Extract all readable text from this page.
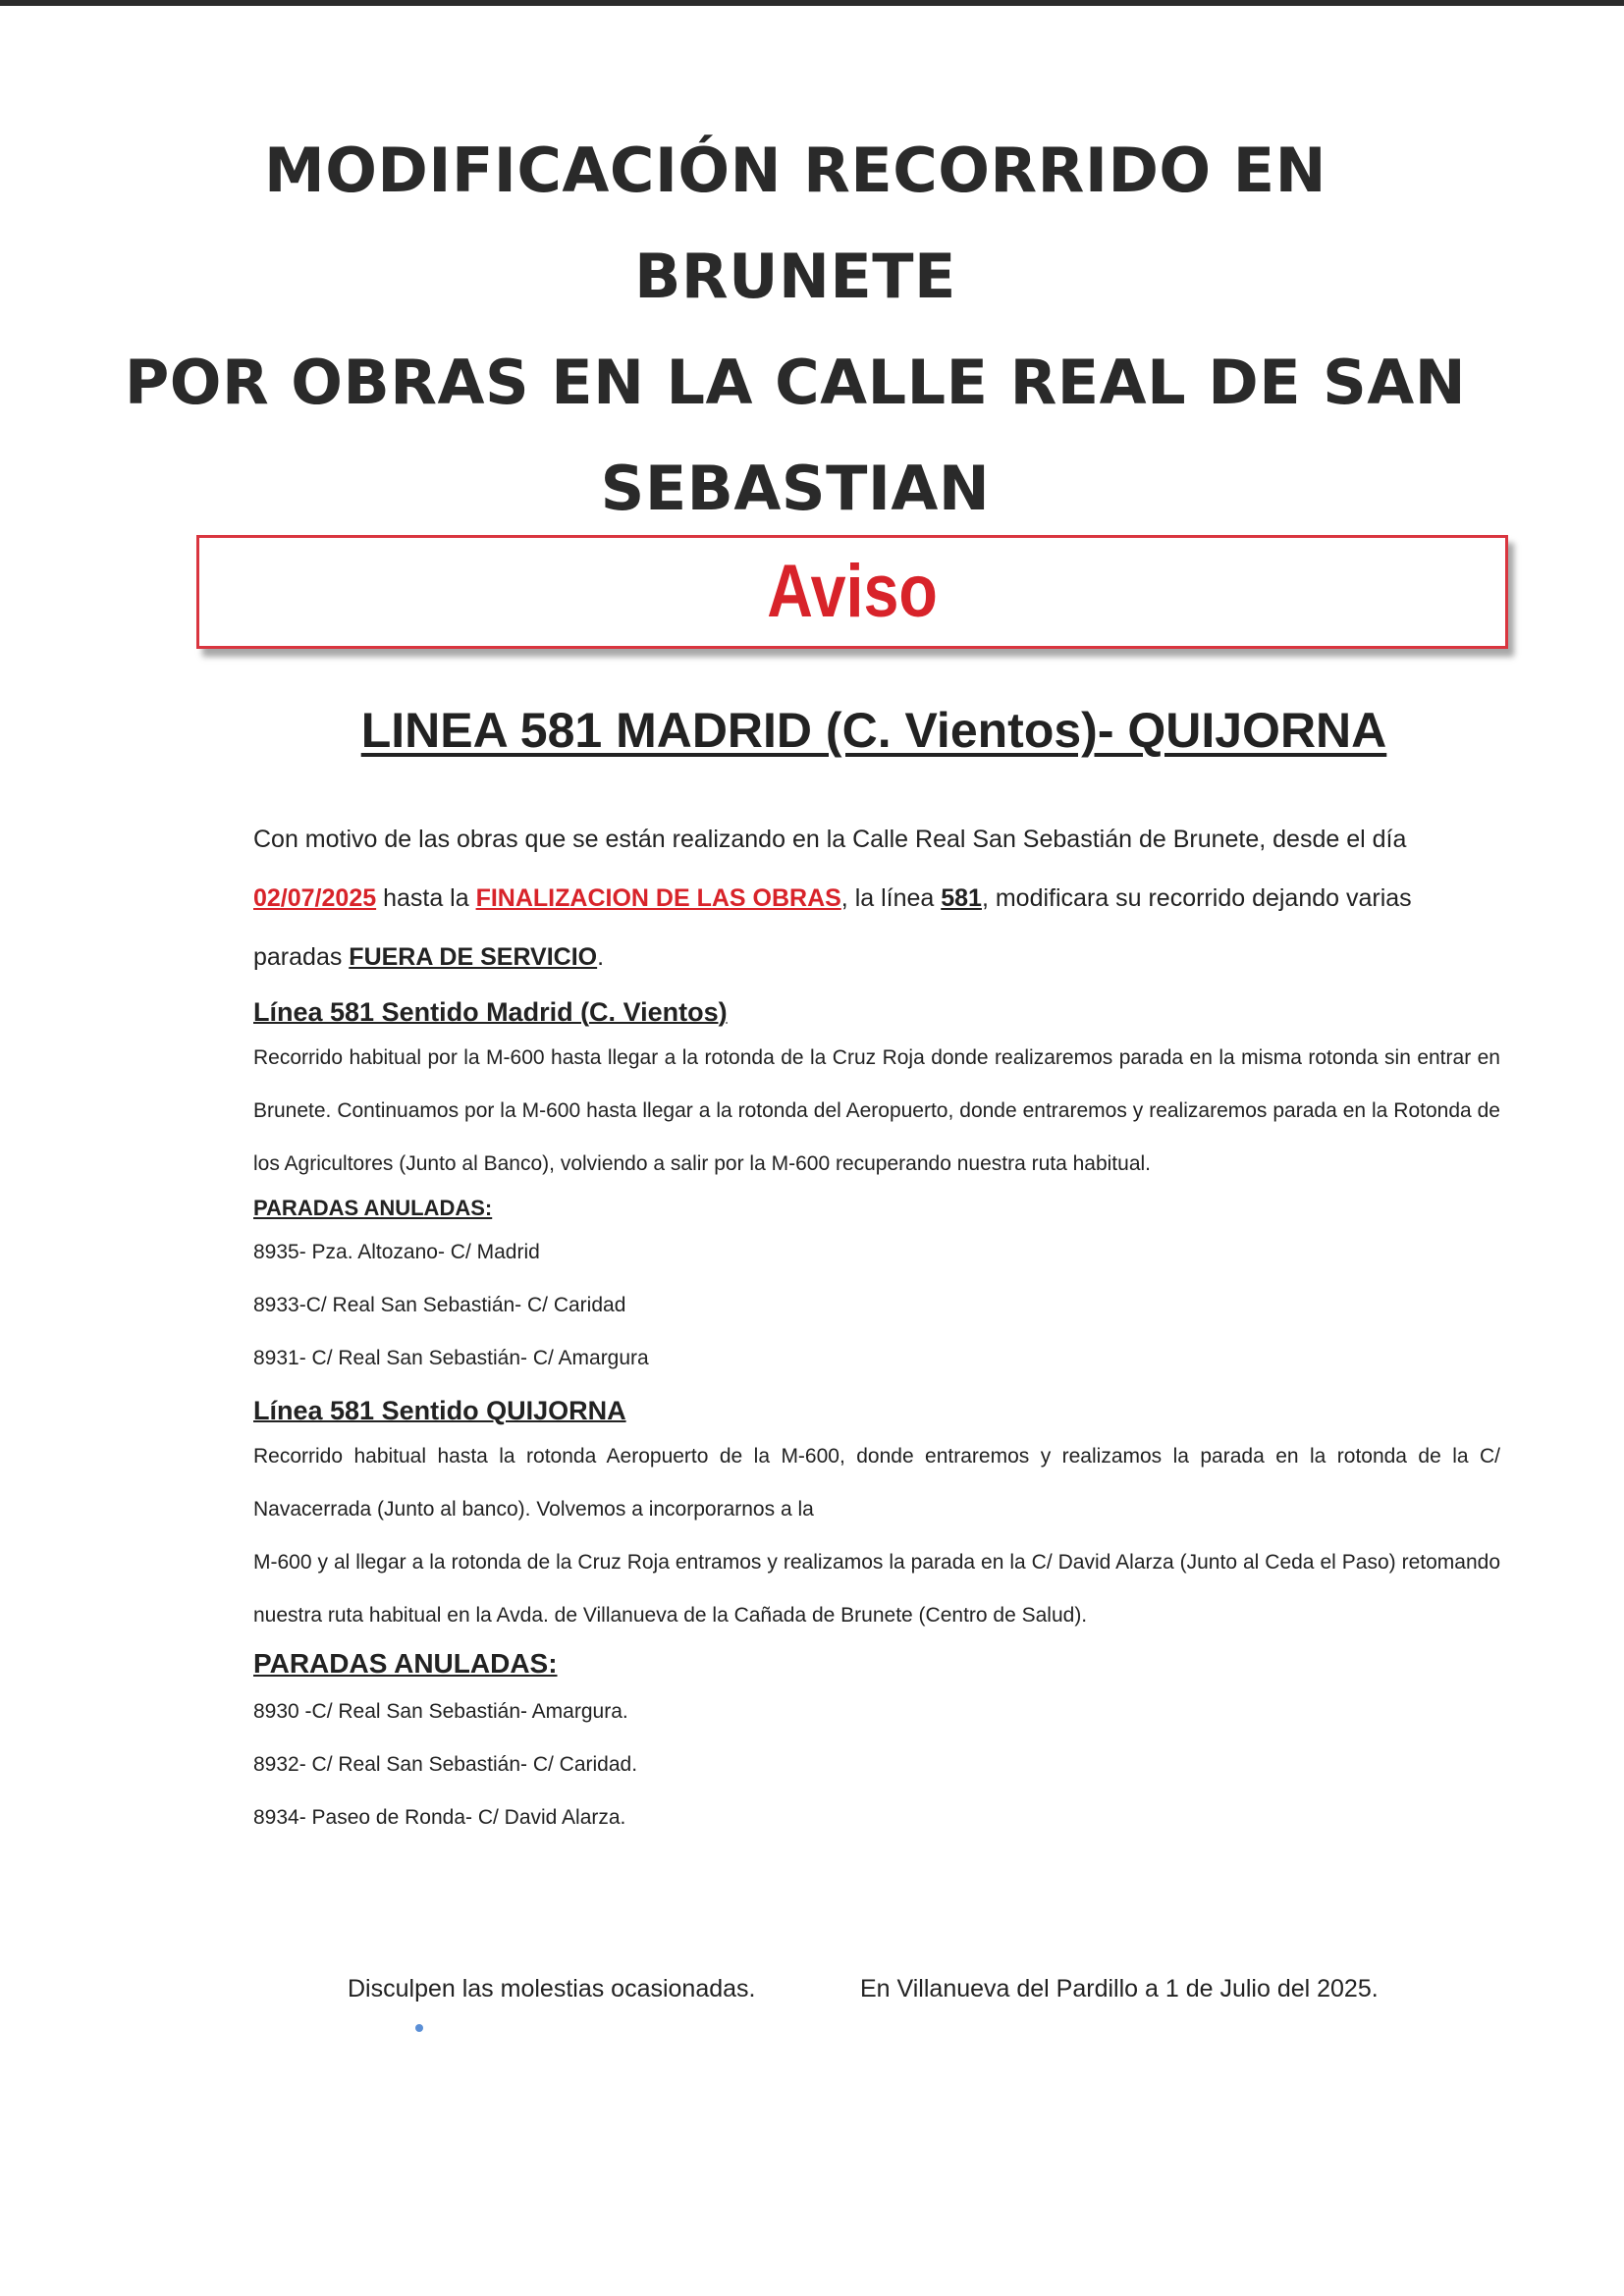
MODIFICACIÓN RECORRIDO EN BRUNETE
POR OBRAS EN LA CALLE REAL DE SAN
SEBASTIAN
Aviso
LINEA 581 MADRID (C. Vientos)- QUIJORNA

Con motivo de las obras que se están realizando en la Calle Real San Sebastián de Brunete, desde el día 02/07/2025 hasta la FINALIZACION DE LAS OBRAS, la línea 581, modificara su recorrido dejando varias paradas FUERA DE SERVICIO.

Línea 581 Sentido Madrid (C. Vientos)

Recorrido habitual por la M-600 hasta llegar a la rotonda de la Cruz Roja donde realizaremos parada en la misma rotonda sin entrar en Brunete. Continuamos por la M-600 hasta llegar a la rotonda del Aeropuerto, donde entraremos y realizaremos parada en la Rotonda de los Agricultores (Junto al Banco), volviendo a salir por la M-600 recuperando nuestra ruta habitual.

PARADAS ANULADAS:

8935- Pza. Altozano- C/ Madrid

8933-C/ Real San Sebastián- C/ Caridad

8931- C/ Real San Sebastián- C/ Amargura

Línea 581 Sentido QUIJORNA

Recorrido habitual hasta la rotonda Aeropuerto de la M-600, donde entraremos y realizamos la parada en la rotonda de la C/ Navacerrada (Junto al banco). Volvemos a incorporarnos a la

M-600 y al llegar a la rotonda de la Cruz Roja entramos y realizamos la parada en la C/ David Alarza (Junto al Ceda el Paso) retomando nuestra ruta habitual en la Avda. de Villanueva de la Cañada de Brunete (Centro de Salud).

PARADAS ANULADAS:

8930 -C/ Real San Sebastián- Amargura.

8932- C/ Real San Sebastián- C/ Caridad.

8934- Paseo de Ronda- C/ David Alarza.

Disculpen las molestias ocasionadas.	En Villanueva del Pardillo a 1 de Julio del 2025.
